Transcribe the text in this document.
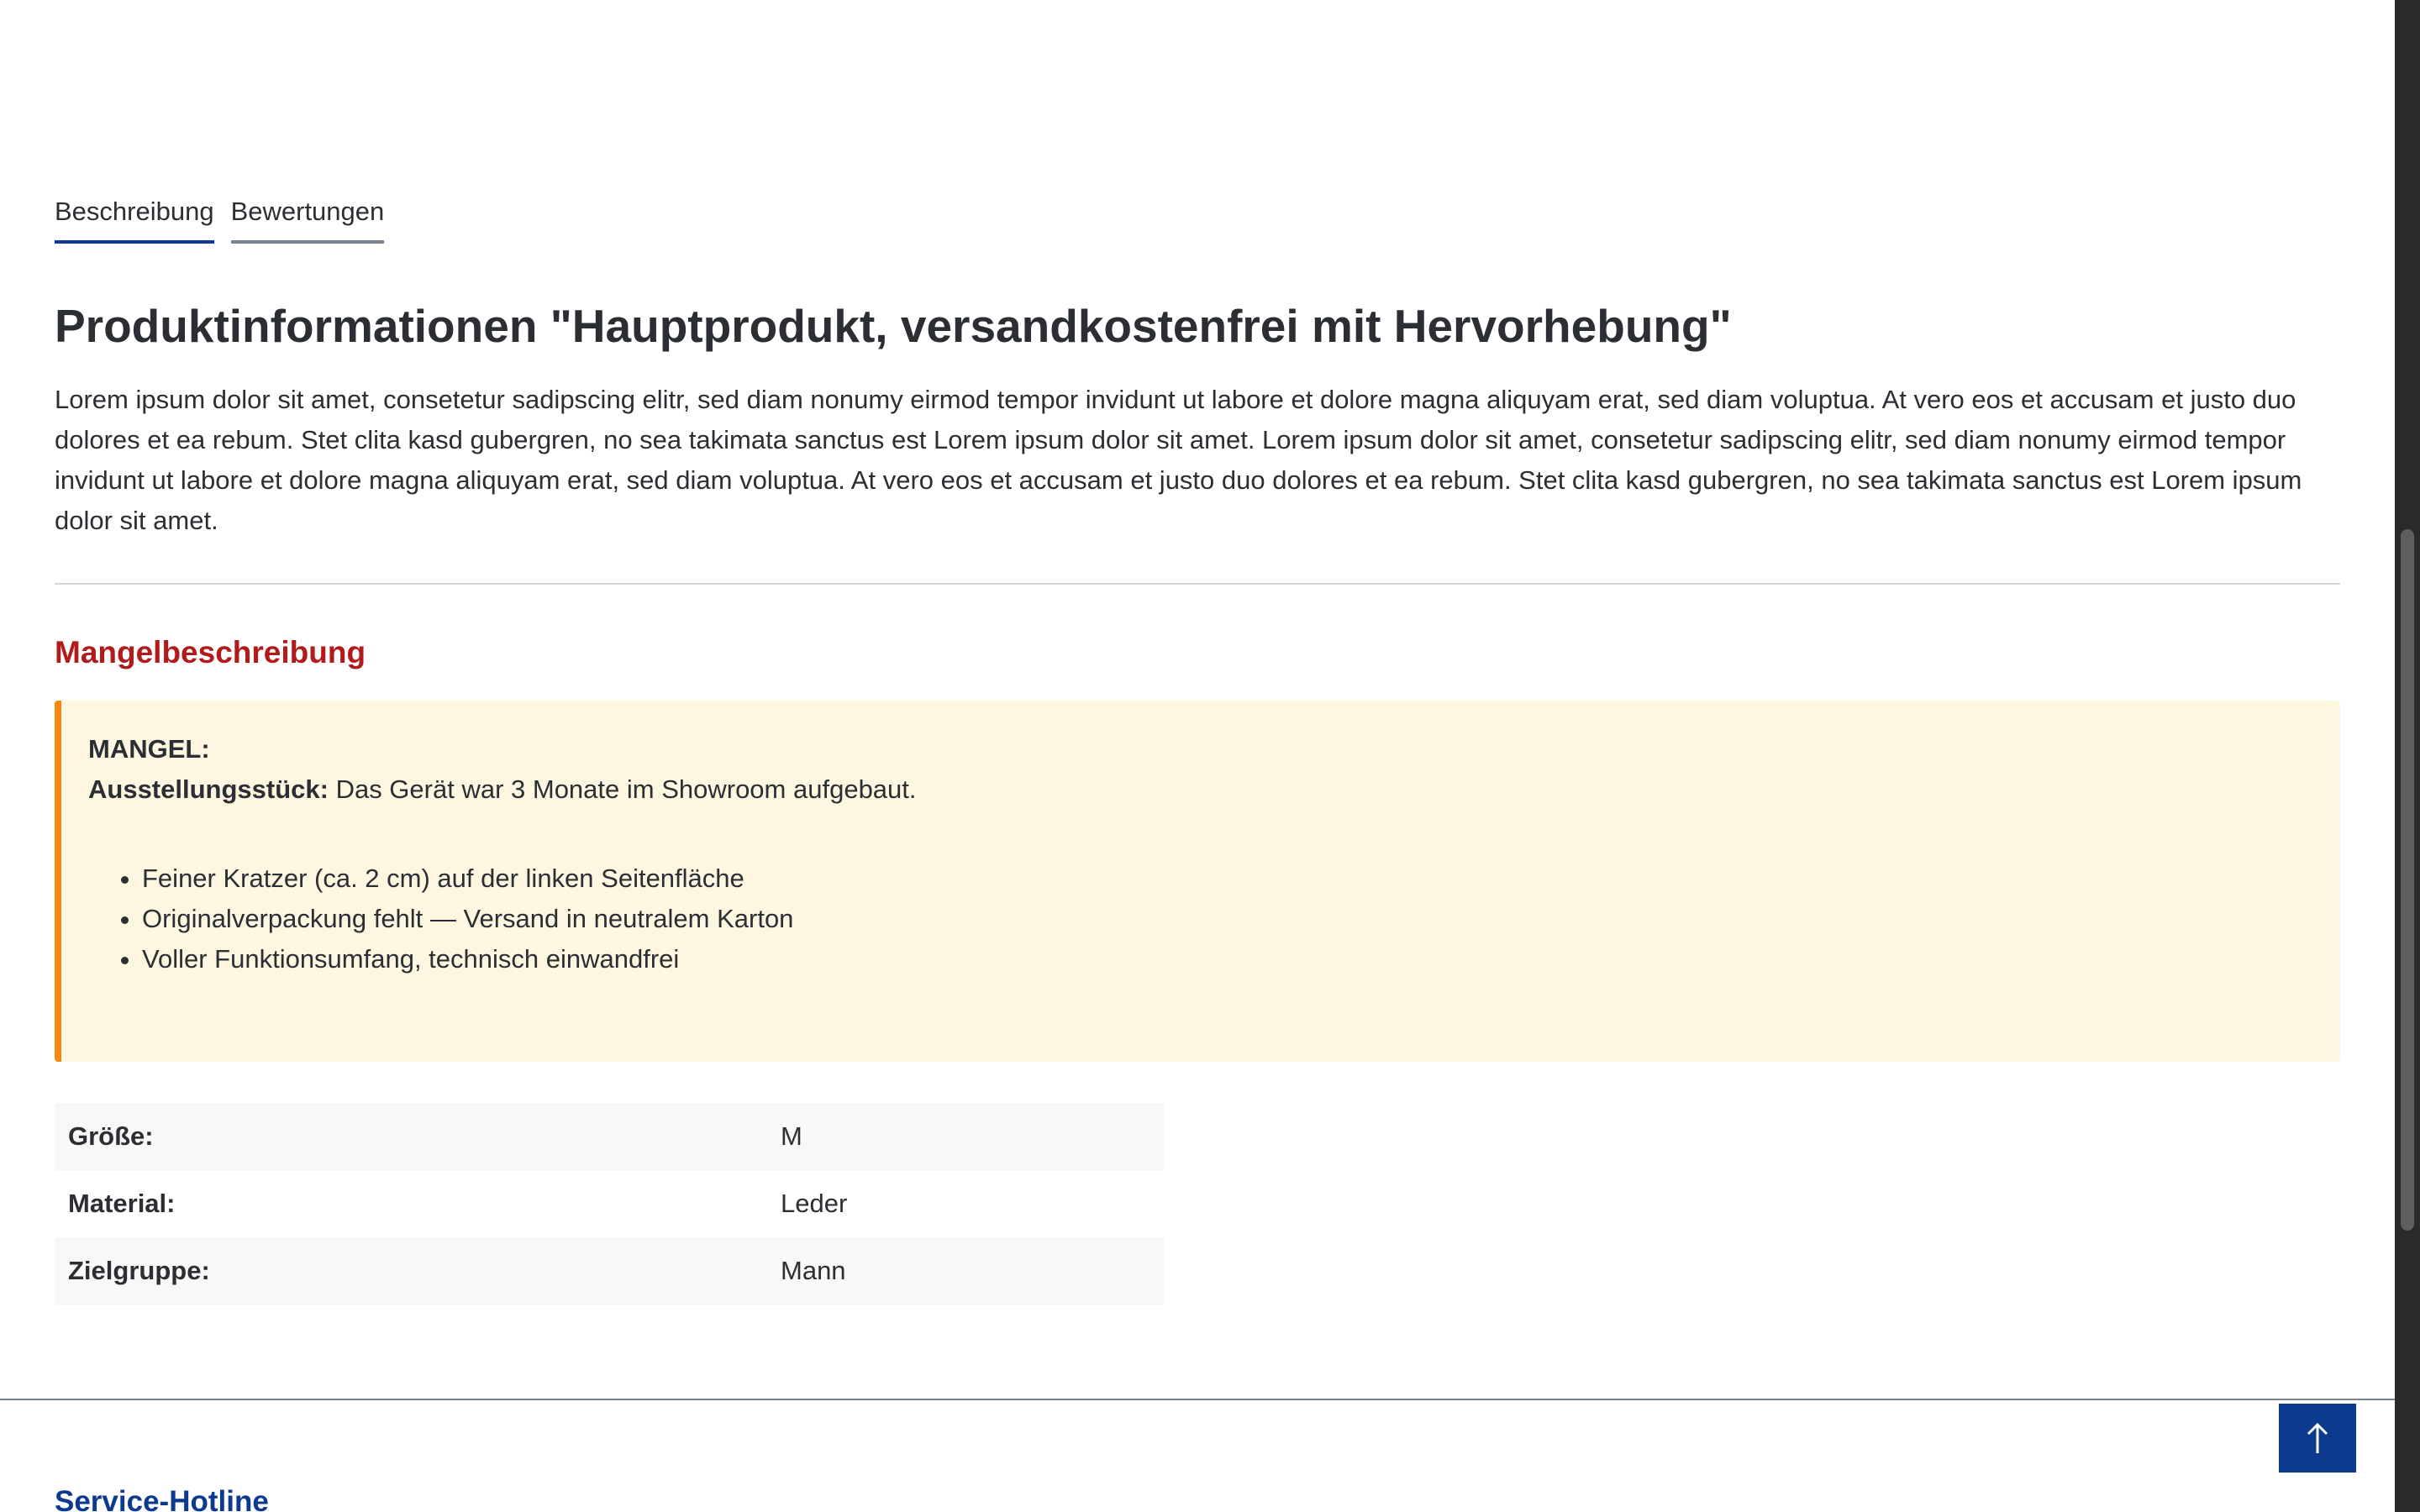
Beschreibung Bewertungen
Produktinformationen "Hauptprodukt, versandkostenfrei mit Hervorhebung"

Lorem ipsum dolor sit amet, consetetur sadipscing elitr, sed diam nonumy eirmod tempor invidunt ut labore et dolore magna aliquyam erat, sed diam voluptua. At vero eos et accusam et justo duo dolores et ea rebum. Stet clita kasd gubergren, no sea takimata sanctus est Lorem ipsum dolor sit amet. Lorem ipsum dolor sit amet, consetetur sadipscing elitr, sed diam nonumy eirmod tempor invidunt ut labore et dolore magna aliquyam erat, sed diam voluptua. At vero eos et accusam et justo duo dolores et ea rebum. Stet clita kasd gubergren, no sea takimata sanctus est Lorem ipsum dolor sit amet.

Mangelbeschreibung
MANGEL:
Ausstellungsstück: Das Gerät war 3 Monate im Showroom aufgebaut.
• Feiner Kratzer (ca. 2 cm) auf der linken Seitenfläche
• Originalverpackung fehlt — Versand in neutralem Karton
• Voller Funktionsumfang, technisch einwandfrei
Größe:	M
Material:	Leder
Zielgruppe:	Mann
Service-Hotline
